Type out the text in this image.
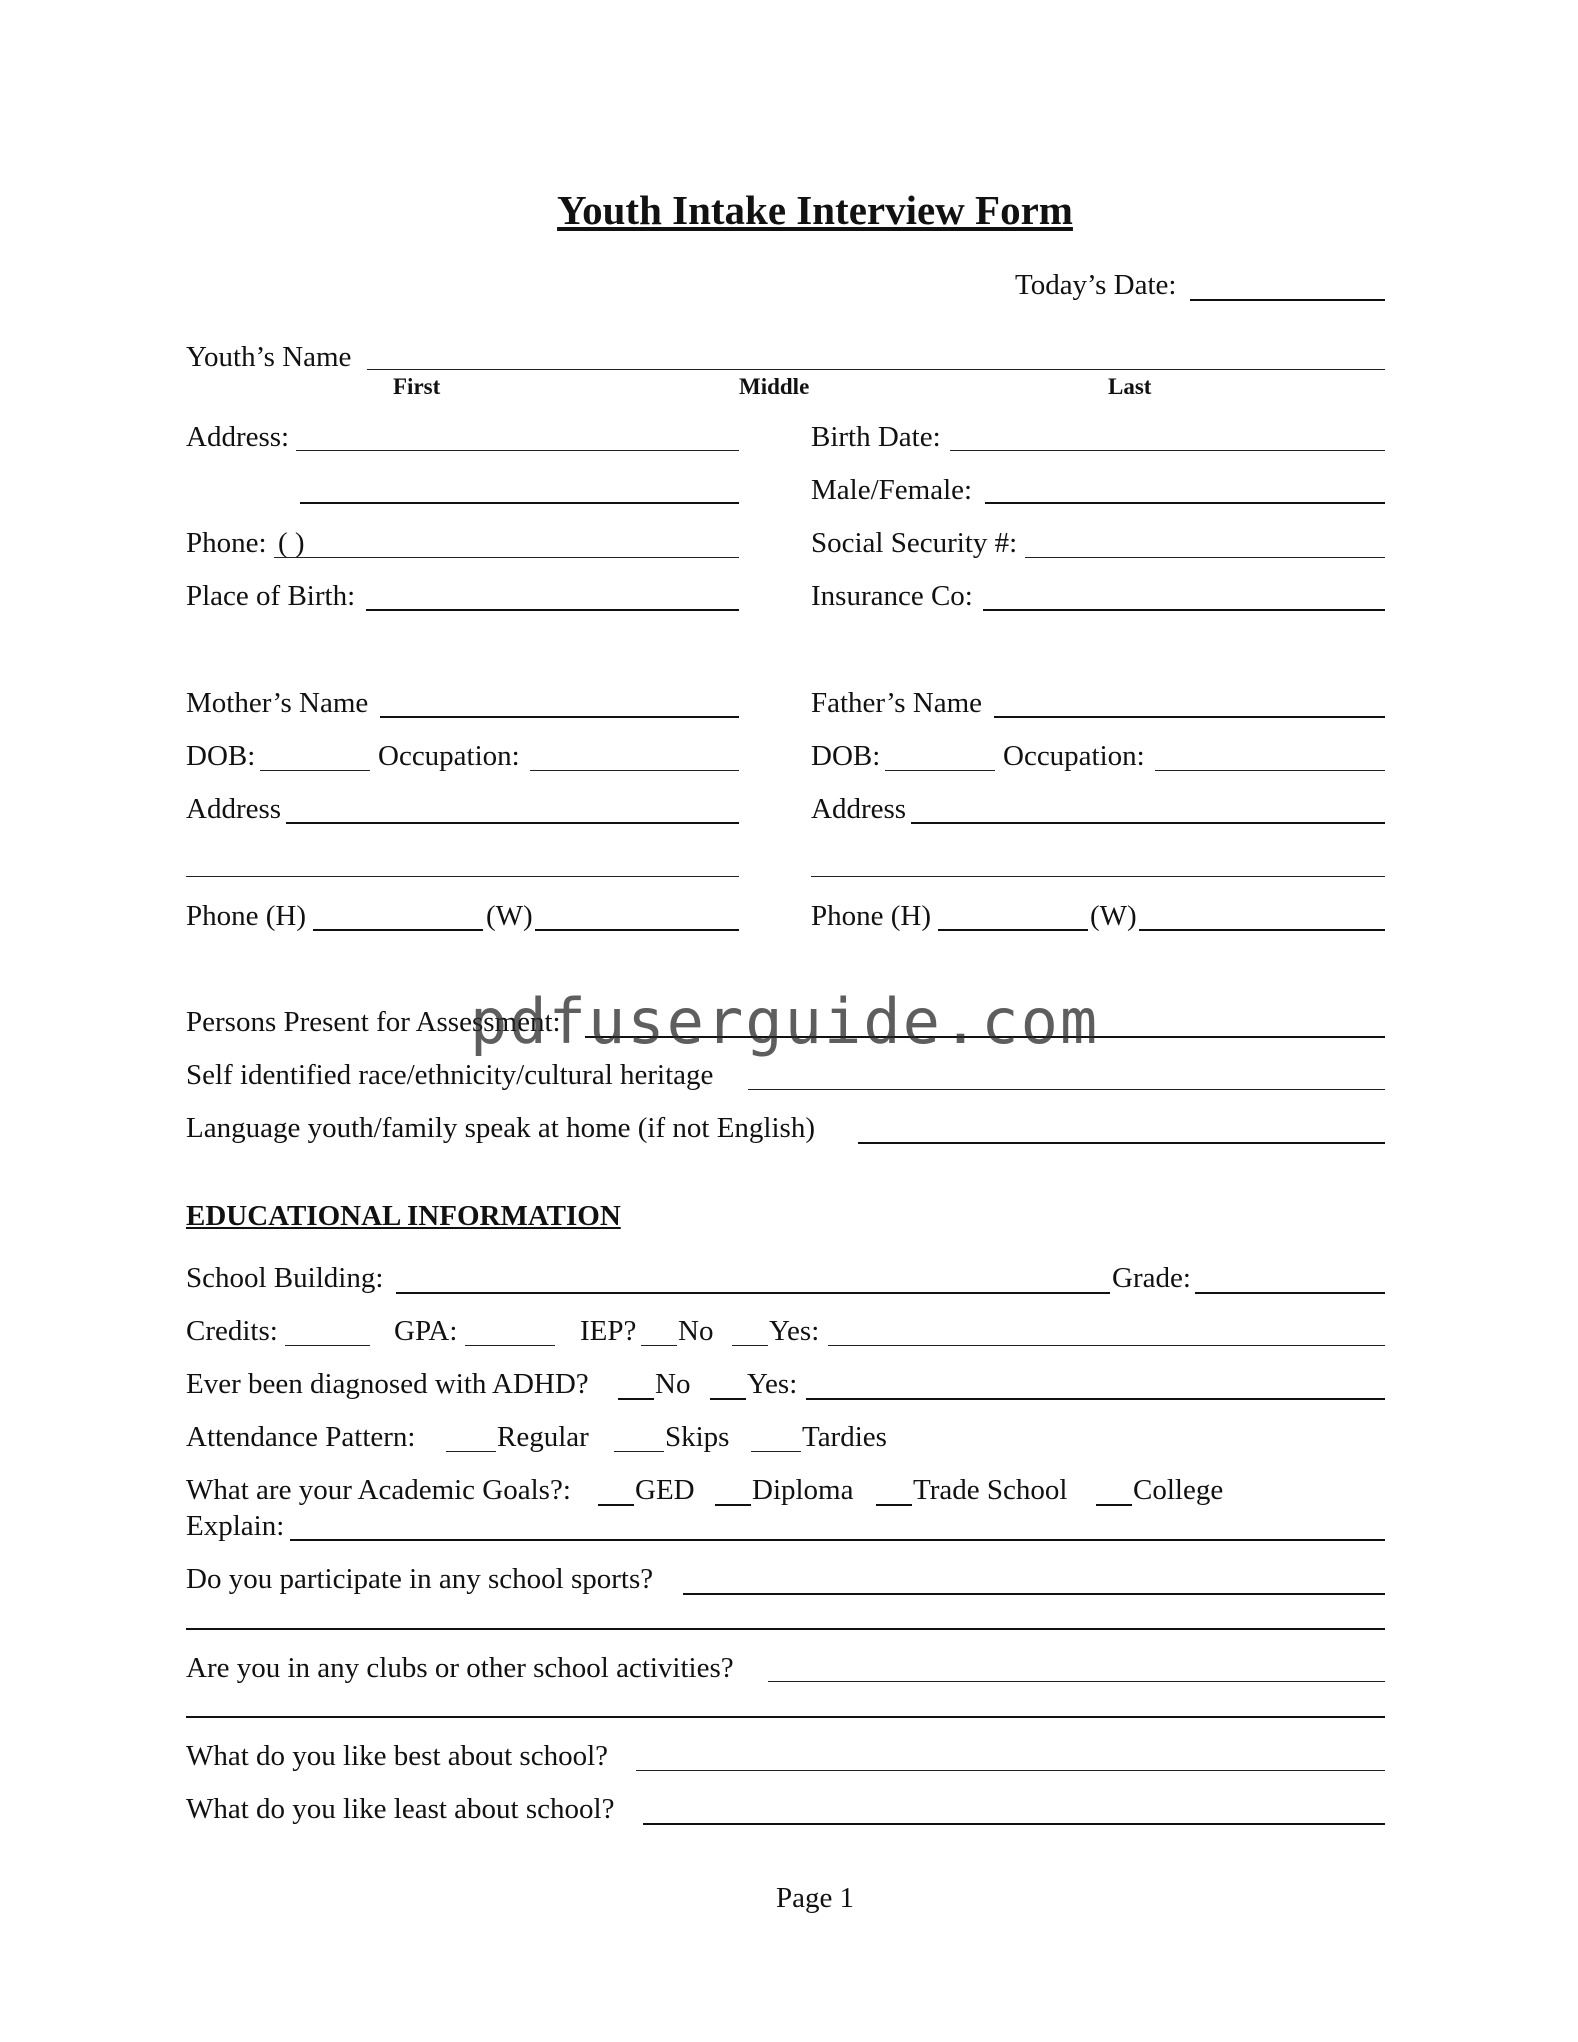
Youth Intake Interview Form
Today’s Date:
Youth’s Name
First	Middle	Last
Address:
Phone: ( )
Place of Birth:
Birth Date:
Male/Female:
Social Security #:
Insurance Co:
Mother’s Name
DOB:	Occupation:
Address
Phone (H)	(W)
Father’s Name
DOB:	Occupation:
Address
Phone (H)	(W)
Persons Present for Assessment:
pdfuserguide.com
Self identified race/ethnicity/cultural heritage
Language youth/family speak at home (if not English)
EDUCATIONAL INFORMATION
School Building:	Grade:
Credits:	GPA:	IEP? No Yes:
Ever been diagnosed with ADHD? No Yes:
Attendance Pattern:	Regular	Skips	Tardies
What are your Academic Goals?: GED Diploma Trade School College
Explain:
Do you participate in any school sports?
Are you in any clubs or other school activities?
What do you like best about school?
What do you like least about school?
Page 1
